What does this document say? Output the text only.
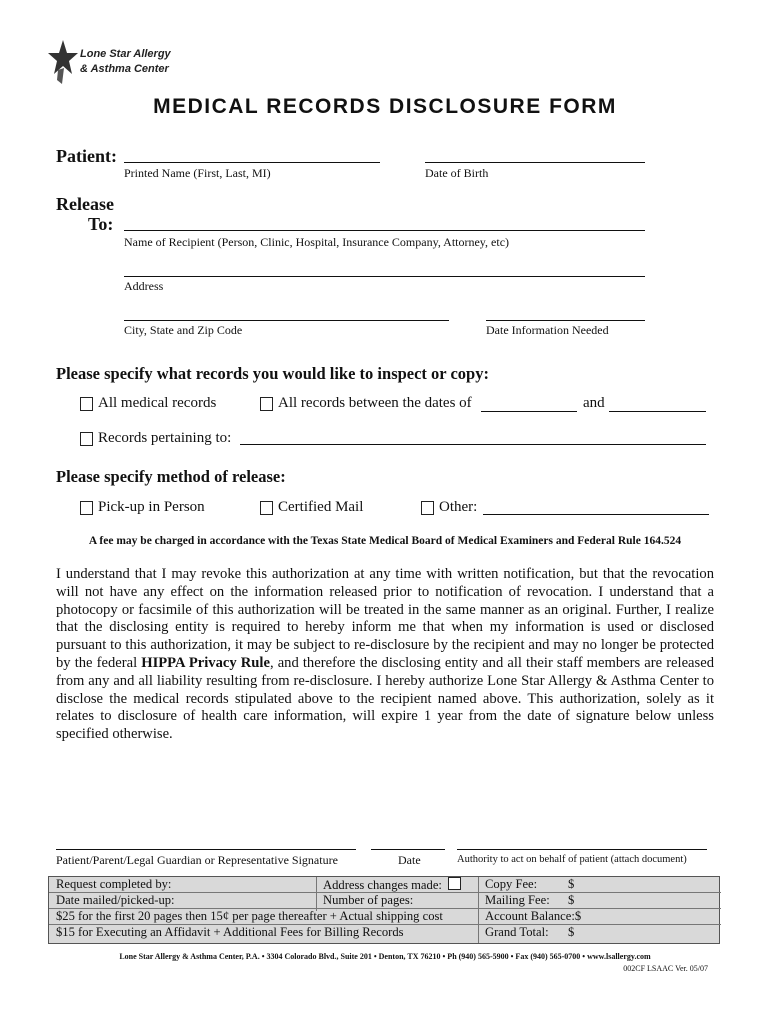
Lone Star Allergy
& Asthma Center
MEDICAL RECORDS DISCLOSURE FORM
Patient:
Printed Name (First, Last, MI)	Date of Birth
Release
To:
Name of Recipient (Person, Clinic, Hospital, Insurance Company, Attorney, etc)
Address
City, State and Zip Code	Date Information Needed
Please specify what records you would like to inspect or copy:
All medical records	All records between the dates of	and
Records pertaining to:
Please specify method of release:
Pick-up in Person	Certified Mail	Other:
A fee may be charged in accordance with the Texas State Medical Board of Medical Examiners and Federal Rule 164.524
I understand that I may revoke this authorization at any time with written notification, but that the revocation will not have any effect on the information released prior to notification of revocation. I understand that a photocopy or facsimile of this authorization will be treated in the same manner as an original. Further, I realize that the disclosing entity is required to hereby inform me that when my information is used or disclosed pursuant to this authorization, it may be subject to re-disclosure by the recipient and may no longer be protected by the federal HIPPA Privacy Rule, and therefore the disclosing entity and all their staff members are released from any and all liability resulting from re-disclosure. I hereby authorize Lone Star Allergy & Asthma Center to disclose the medical records stipulated above to the recipient named above. This authorization, solely as it relates to disclosure of health care information, will expire 1 year from the date of signature below unless specified otherwise.
Patient/Parent/Legal Guardian or Representative Signature	Date	Authority to act on behalf of patient (attach document)
Request completed by:	Address changes made:	Copy Fee: $
Date mailed/picked-up:	Number of pages:	Mailing Fee: $
$25 for the first 20 pages then 15¢ per page thereafter + Actual shipping cost	Account Balance:$
$15 for Executing an Affidavit + Additional Fees for Billing Records	Grand Total: $
Lone Star Allergy & Asthma Center, P.A. • 3304 Colorado Blvd., Suite 201 • Denton, TX 76210 • Ph (940) 565-5900 • Fax (940) 565-0700 • www.lsallergy.com
002CF LSAAC Ver. 05/07
